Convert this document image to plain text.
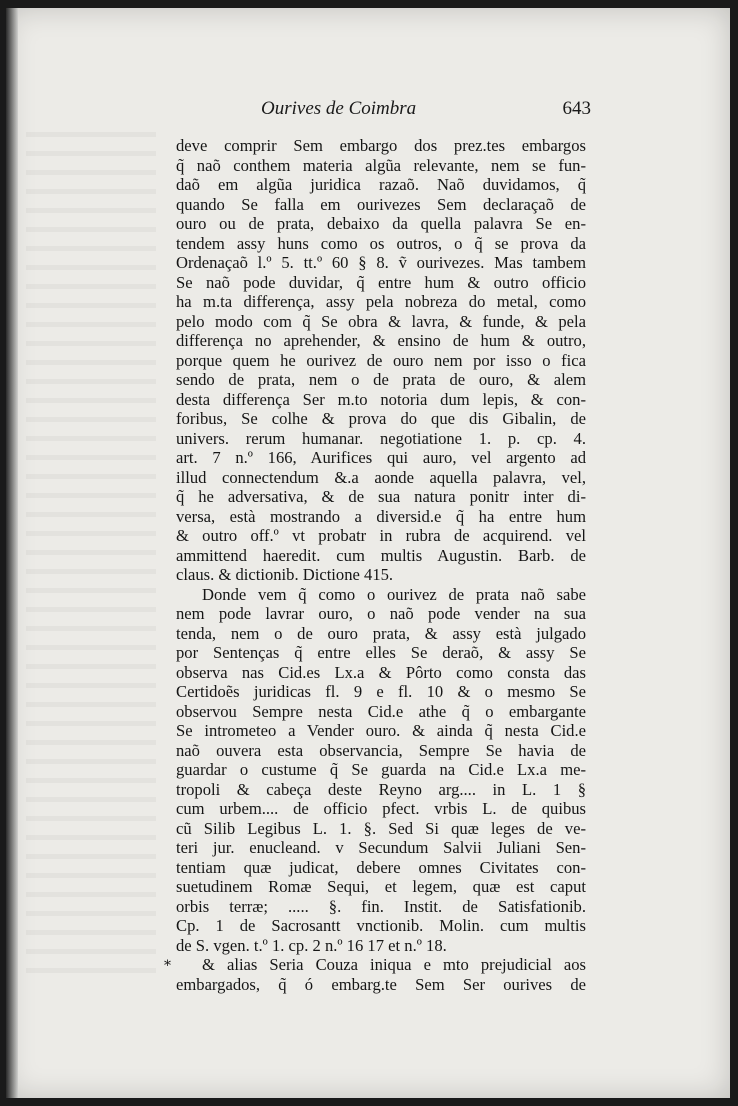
Ourives de Coimbra	643
deve comprir Sem embargo dos prez.tes embargos
q̃ naõ conthem materia algũa relevante, nem se fun-
daõ em algũa juridica razaõ. Naõ duvidamos, q̃
quando Se falla em ourivezes Sem declaraçaõ de
ouro ou de prata, debaixo da quella palavra Se en-
tendem assy huns como os outros, o q̃ se prova da
Ordenaçaõ l.º 5. tt.º 60 § 8. ṽ ourivezes. Mas tambem
Se naõ pode duvidar, q̃ entre hum & outro officio
ha m.ta differença, assy pela nobreza do metal, como
pelo modo com q̃ Se obra & lavra, & funde, & pela
differença no aprehender, & ensino de hum & outro,
porque quem he ourivez de ouro nem por isso o fica
sendo de prata, nem o de prata de ouro, & alem
desta differença Ser m.to notoria dum lepis, & con-
foribus, Se colhe & prova do que dis Gibalin, de
univers. rerum humanar. negotiatione 1. p. cp. 4.
art. 7 n.º 166, Aurifices qui auro, vel argento ad
illud connectendum &.a aonde aquella palavra, vel,
q̃ he adversativa, & de sua natura ponitr inter di-
versa, està mostrando a diversid.e q̃ ha entre hum
& outro off.º vt probatr in rubra de acquirend. vel
ammittend haeredit. cum multis Augustin. Barb. de
claus. & dictionib. Dictione 415.
Donde vem q̃ como o ourivez de prata naõ sabe
nem pode lavrar ouro, o naõ pode vender na sua
tenda, nem o de ouro prata, & assy està julgado
por Sentenças q̃ entre elles Se deraõ, & assy Se
observa nas Cid.es Lx.a & Pôrto como consta das
Certidoẽs juridicas fl. 9 e fl. 10 & o mesmo Se
observou Sempre nesta Cid.e athe q̃ o embargante
Se intrometeo a Vender ouro. & ainda q̃ nesta Cid.e
naõ ouvera esta observancia, Sempre Se havia de
guardar o custume q̃ Se guarda na Cid.e Lx.a me-
tropoli & cabeça deste Reyno arg.... in L. 1 §
cum urbem.... de officio pfect. vrbis L. de quibus
cũ Silib Legibus L. 1. §. Sed Si quæ leges de ve-
teri jur. enucleand. v Secundum Salvii Juliani Sen-
tentiam quæ judicat, debere omnes Civitates con-
suetudinem Romæ Sequi, et legem, quæ est caput
orbis terræ; ..... §. fin. Instit. de Satisfationib.
Cp. 1 de Sacrosantt vnctionib. Molin. cum multis
de S. vgen. t.º 1. cp. 2 n.º 16 17 et n.º 18.
& alias Seria Couza iniqua e mto prejudicial aos
embargados, q̃ ó embarg.te Sem Ser ourives de
*
